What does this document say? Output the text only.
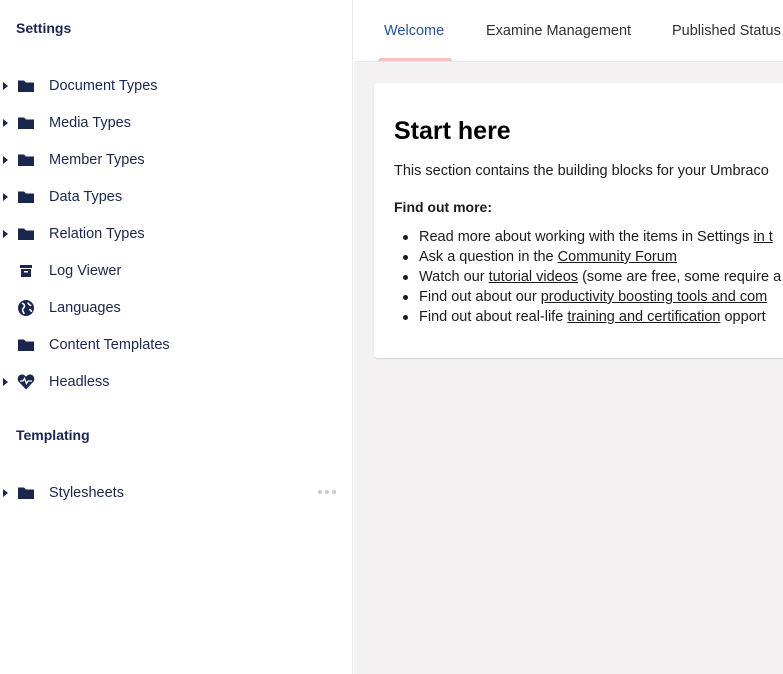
Settings
Document Types
Media Types
Member Types
Data Types
Relation Types
Log Viewer
Languages
Content Templates
Headless
Templating
Stylesheets
Welcome	Examine Management	Published Status
Start here

This section contains the building blocks for your Umbraco

Find out more:

Read more about working with the items in Settings in t
Ask a question in the Community Forum
Watch our tutorial videos (some are free, some require a
Find out about our productivity boosting tools and com
Find out about real-life training and certification opport
